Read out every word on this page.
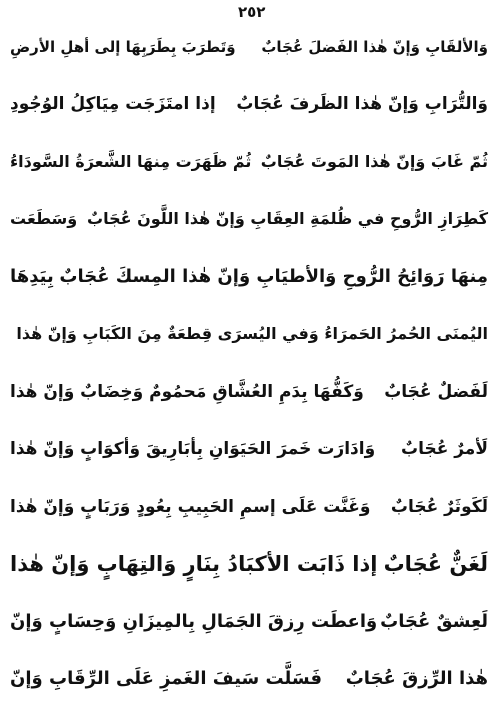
٢٥٢
وَالألقَابِ وَإنّ هٰذا الفَضلَ عُجَابٌ
وَتَطرَبَ بِطَرَبِهَا إلى أهلِ الأرضِ
وَالتُّرَابِ وَإنّ هٰذا الظَرفَ عُجَابٌ
إذا امتَزَجَت مِيَاكِلُ الوُجُودِ
ثُمّ غَابَ وَإنّ هٰذا المَوتَ عُجَابٌ
ثُمّ ظَهَرَت مِنهَا الشَّعرَةُ السَّودَاءُ
كَطِرَازِ الرُّوحِ في ظُلمَةِ العِقَابِ وَإنّ هٰذا اللَّونَ عُجَابٌ
وَسَطَعَت
مِنهَا رَوَائِحُ الرُّوحِ وَالأطيَابِ وَإنّ هٰذا المِسكَ عُجَابٌ
بِيَدِهَا
اليُمنَى الحُمرُ الحَمرَاءُ وَفي اليُسرَى قِطعَةٌ مِنَ الكَبَابِ وَإنّ هٰذا
لَفَضلٌ عُجَابٌ
وَكَفُّهَا بِدَمِ العُشَّاقِ مَحمُومٌ وَخِضَابٌ وَإنّ هٰذا
لَأمرٌ عُجَابٌ
وَادَارَت خَمرَ الحَيَوَانِ بِأبَارِيقَ وَأكوَابٍ وَإنّ هٰذا
لَكَوثَرٌ عُجَابٌ
وَغَنَّت عَلَى إسمِ الحَبِيبِ بِعُودٍ وَرَبَابٍ وَإنّ هٰذا
لَغَنٌّ عُجَابٌ
إذا ذَابَت الأكبَادُ بِنَارٍ وَالتِهَابٍ وَإنّ هٰذا
لَعِشقٌ عُجَابٌ
وَاعطَت رِزقَ الجَمَالِ بِالمِيزَانِ وَحِسَابٍ وَإنّ
هٰذا الرِّزقَ عُجَابٌ
فَسَلَّت سَيفَ الغَمزِ عَلَى الرِّقَابِ وَإنّ
